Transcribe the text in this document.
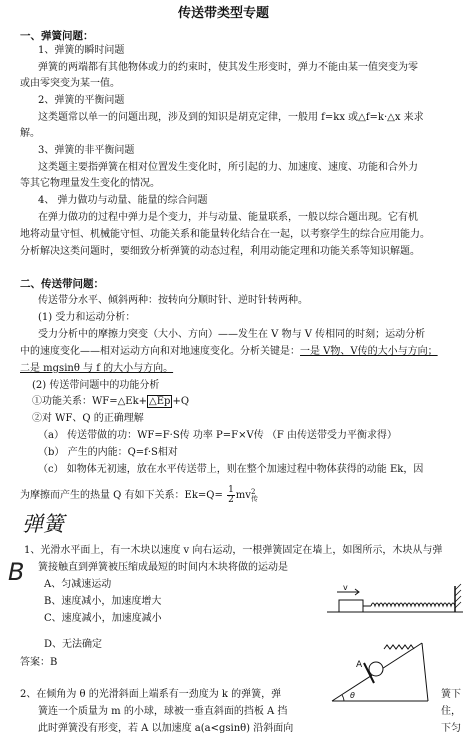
传送带类型专题
一、弹簧问题：
1、弹簧的瞬时问题
弹簧的两端都有其他物体或力的约束时，使其发生形变时，弹力不能由某一值突变为零
或由零突变为某一值。
2、弹簧的平衡问题
这类题常以单一的问题出现，涉及到的知识是胡克定律，一般用 f=kx 或△f=k·△x 来求
解。
3、弹簧的非平衡问题
这类题主要指弹簧在相对位置发生变化时，所引起的力、加速度、速度、功能和合外力
等其它物理量发生变化的情况。
4、 弹力做功与动量、能量的综合问题
在弹力做功的过程中弹力是个变力，并与动量、能量联系，一般以综合题出现。它有机
地将动量守恒、机械能守恒、功能关系和能量转化结合在一起，以考察学生的综合应用能力。
分析解决这类问题时，要细致分析弹簧的动态过程，利用动能定理和功能关系等知识解题。
二、传送带问题：
传送带分水平、倾斜两种：按转向分顺时针、逆时针转两种。
(1) 受力和运动分析：
受力分析中的摩擦力突变（大小、方向）——发生在 V 物与 V 传相同的时刻；运动分析
中的速度变化——相对运动方向和对地速度变化。分析关键是：一是 V物、V传的大小与方向；
二是 mgsinθ 与 f 的大小与方向。
(2) 传送带问题中的功能分析
①功能关系：WF=△Ek+ △Ep +Q
②对 WF、Q 的正确理解
（a） 传送带做的功：WF=F·S传 功率 P=F×V传 （F 由传送带受力平衡求得）
（b） 产生的内能：Q=f·S相对
（c） 如物体无初速，放在水平传送带上，则在整个加速过程中物体获得的动能 Ek，因
为摩擦而产生的热量 Q 有如下关系：$Ek=Q= \frac{1}{2}$ mv 2
传
弹簧
1、光滑水平面上，有一木块以速度 v 向右运动，一根弹簧固定在墙上，如图所示，木块从与弹
簧接触直到弹簧被压缩成最短的时间内木块将做的运动是
B A、匀减速运动
B、速度减小，加速度增大
C、速度减小，加速度减小
D、无法确定
答案：B
v
θ
A
2、在倾角为 θ 的光滑斜面上端系有一劲度为 k 的弹簧，弹
簧连一个质量为 m 的小球，球被一垂直斜面的挡板 A 挡
此时弹簧没有形变，若 A 以加速度 a(a<gsinθ) 沿斜面向
簧下
住，
下匀
